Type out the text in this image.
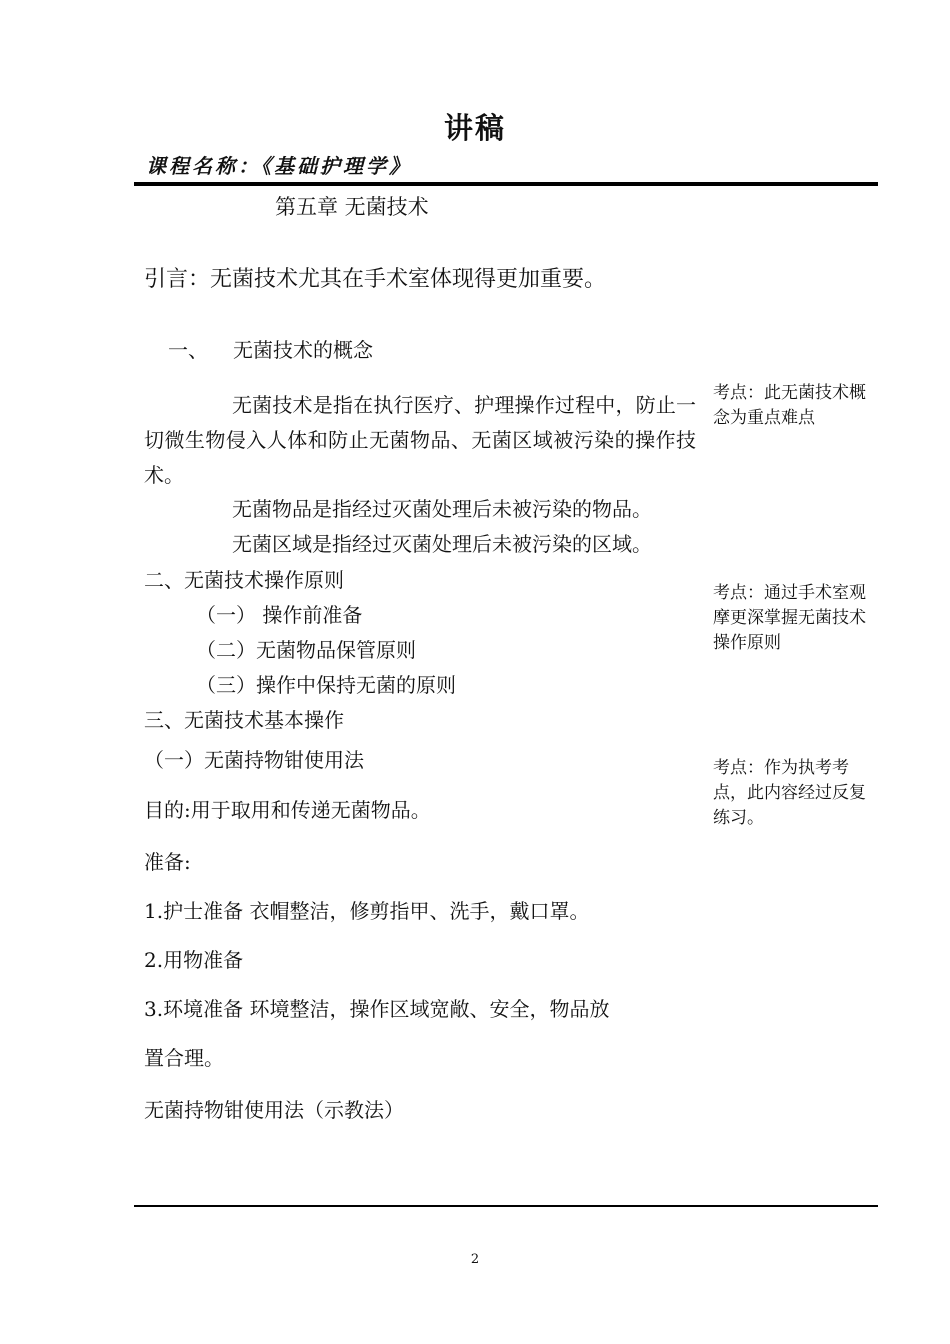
讲稿
课程名称：《基础护理学》
第五章 无菌技术
引言：无菌技术尤其在手术室体现得更加重要。
一、 无菌技术的概念
无菌技术是指在执行医疗、护理操作过程中，防止一切微生物侵入人体和防止无菌物品、无菌区域被污染的操作技术。
无菌物品是指经过灭菌处理后未被污染的物品。
无菌区域是指经过灭菌处理后未被污染的区域。
二、无菌技术操作原则
（一） 操作前准备
（二）无菌物品保管原则
（三）操作中保持无菌的原则
三、无菌技术基本操作
（一）无菌持物钳使用法
目的:用于取用和传递无菌物品。
准备:
1.护士准备 衣帽整洁，修剪指甲、洗手，戴口罩。
2.用物准备
3.环境准备 环境整洁，操作区域宽敞、安全，物品放
置合理。
无菌持物钳使用法（示教法）
考点：此无菌技术概念为重点难点
考点：通过手术室观摩更深掌握无菌技术操作原则
考点：作为执考考点，此内容经过反复练习。
2
